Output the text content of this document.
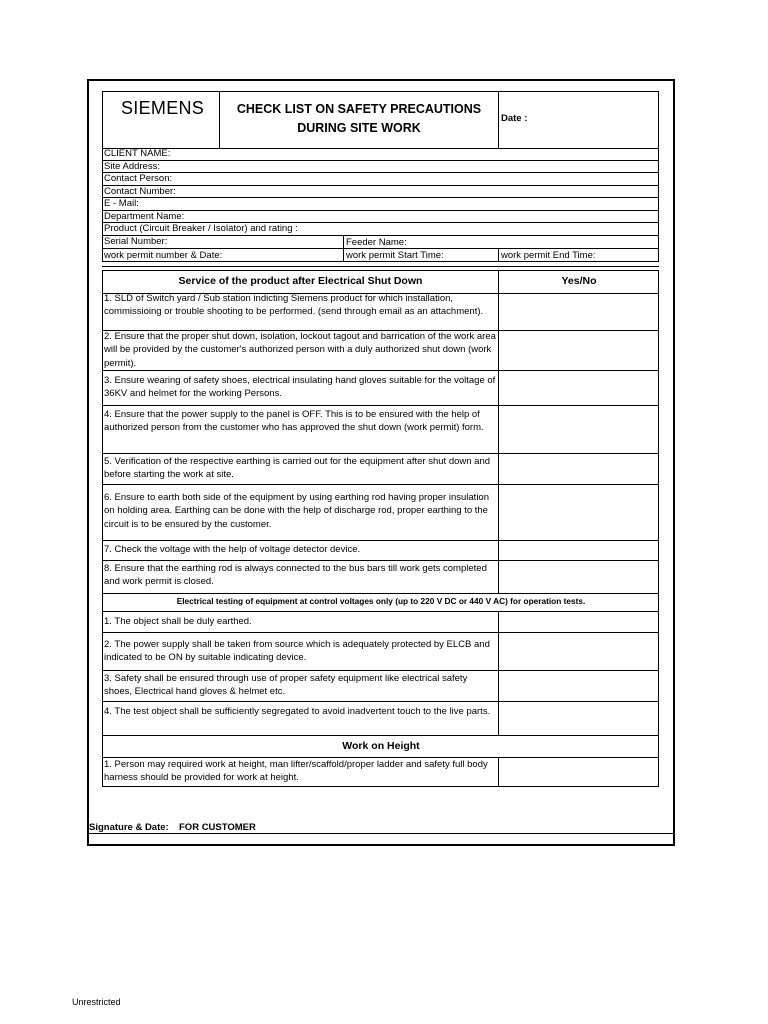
SIEMENS	CHECK LIST ON SAFETY PRECAUTIONS
DURING SITE WORK
Date :
CLIENT NAME:
Site Address:
Contact Person:
Contact Number:
E - Mail:
Department Name:
Product (Circuit Breaker / Isolator) and rating :
Serial Number:	Feeder Name:
work permit number & Date:	work permit Start Time:	work permit End Time:
Service of the product after Electrical Shut Down	Yes/No
1. SLD of Switch yard / Sub station indicting Siemens product for which installation, commissioing or trouble shooting to be performed. (send through email as an attachment).
2. Ensure that the proper shut down, isolation, lockout tagout and barrication of the work area will be provided by the customer's authorized person with a duly authorized shut down (work permit).
3. Ensure wearing of safety shoes, electrical insulating hand gloves suitable for the voltage of 36KV and helmet for the working Persons.
4. Ensure that the power supply to the panel is OFF. This is to be ensured with the help of authorized person from the customer who has approved the shut down (work permit) form.
5. Verification of the respective earthing is carried out for the equipment after shut down and before starting the work at site.
6. Ensure to earth both side of the equipment by using earthing rod having proper insulation on holding area. Earthing can be done with the help of discharge rod, proper earthing to the circuit is to be ensured by the customer.
7. Check the voltage with the help of voltage detector device.
8. Ensure that the earthing rod is always connected to the bus bars till work gets completed and work permit is closed.
Electrical testing of equipment at control voltages only (up to 220 V DC or 440 V AC) for operation tests.
1. The object shall be duly earthed.
2. The power supply shall be taken from source which is adequately protected by ELCB and indicated to be ON by suitable indicating device.
3. Safety shall be ensured through use of proper safety equipment like electrical safety shoes, Electrical hand gloves & helmet etc.
4. The test object shall be sufficiently segregated to avoid inadvertent touch to the live parts.
Work on Height
1. Person may required work at height, man lifter/scaffold/proper ladder and safety full body harness should be provided for work at height.
Signature & Date: FOR CUSTOMER
Unrestricted
